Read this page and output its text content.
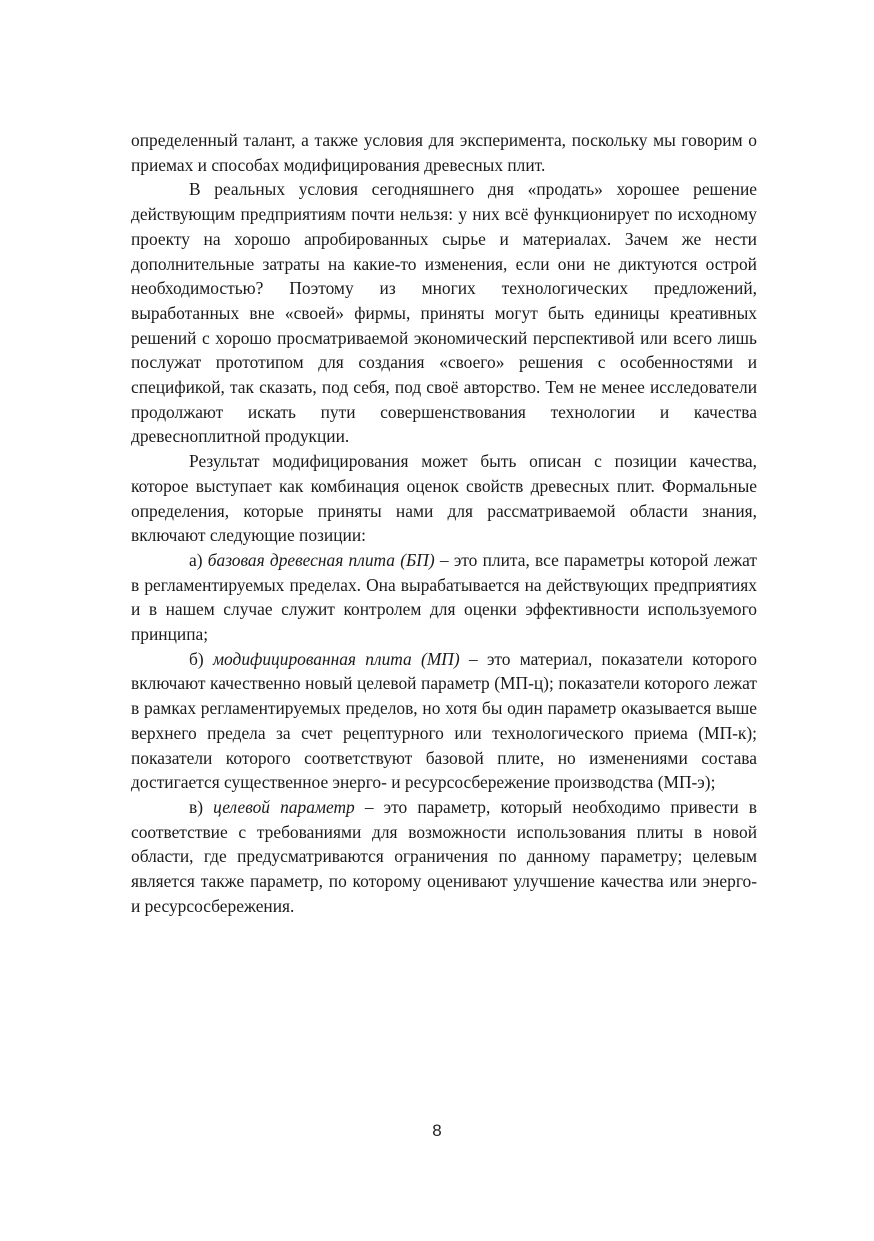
определенный талант, а также условия для эксперимента, поскольку мы говорим о приемах и способах модифицирования древесных плит.

В реальных условия сегодняшнего дня «продать» хорошее решение действующим предприятиям почти нельзя: у них всё функционирует по исходному проекту на хорошо апробированных сырье и материалах. Зачем же нести дополнительные затраты на какие-то изменения, если они не диктуются острой необходимостью? Поэтому из многих технологических предложений, выработанных вне «своей» фирмы, приняты могут быть единицы креативных решений с хорошо просматриваемой экономический перспективой или всего лишь послужат прототипом для создания «своего» решения с особенностями и спецификой, так сказать, под себя, под своё авторство. Тем не менее исследователи продолжают искать пути совершенствования технологии и качества древесноплитной продукции.

Результат модифицирования может быть описан с позиции качества, которое выступает как комбинация оценок свойств древесных плит. Формальные определения, которые приняты нами для рассматриваемой области знания, включают следующие позиции:

а) базовая древесная плита (БП) – это плита, все параметры которой лежат в регламентируемых пределах. Она вырабатывается на действующих предприятиях и в нашем случае служит контролем для оценки эффективности используемого принципа;

б) модифицированная плита (МП) – это материал, показатели которого включают качественно новый целевой параметр (МП-ц); показатели которого лежат в рамках регламентируемых пределов, но хотя бы один параметр оказывается выше верхнего предела за счет рецептурного или технологического приема (МП-к); показатели которого соответствуют базовой плите, но изменениями состава достигается существенное энерго- и ресурсосбережение производства (МП-э);

в) целевой параметр – это параметр, который необходимо привести в соответствие с требованиями для возможности использования плиты в новой области, где предусматриваются ограничения по данному параметру; целевым является также параметр, по которому оценивают улучшение качества или энерго- и ресурсосбережения.

8
